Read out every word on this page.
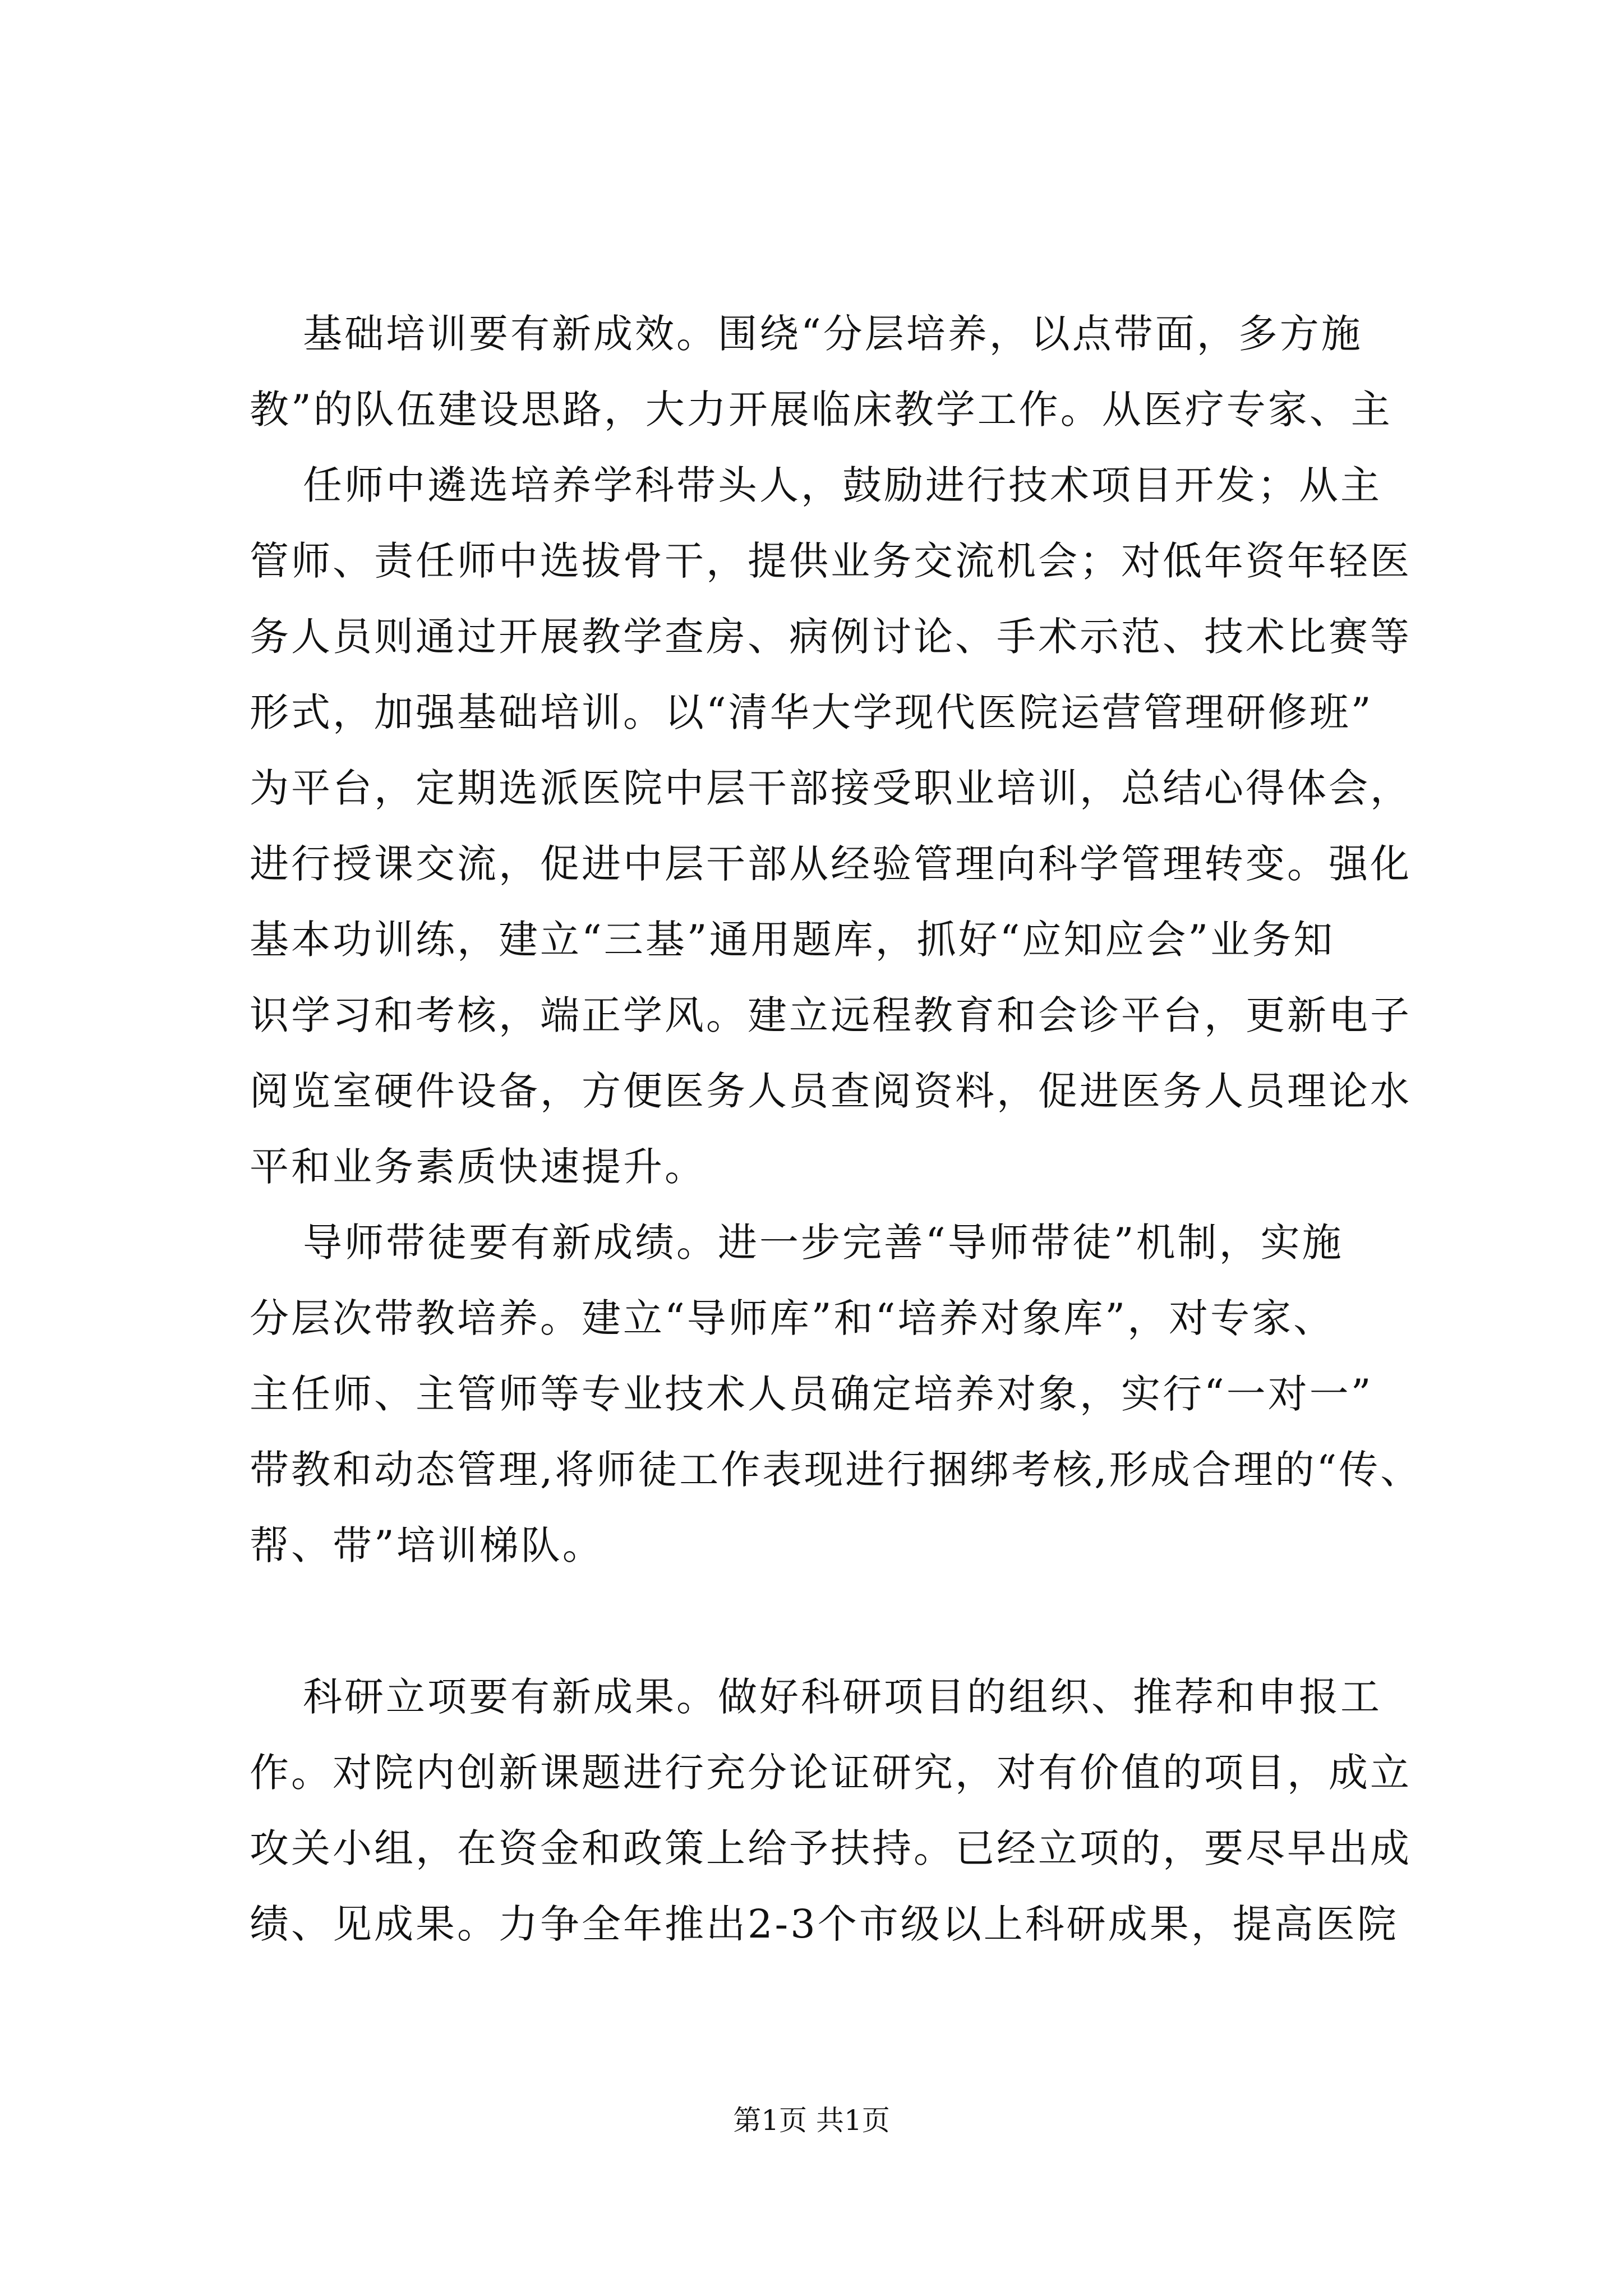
基础培训要有新成效。围绕“分层培养，以点带面，多方施
教”的队伍建设思路，大力开展临床教学工作。从医疗专家、主
任师中遴选培养学科带头人，鼓励进行技术项目开发；从主
管师、责任师中选拔骨干，提供业务交流机会；对低年资年轻医
务人员则通过开展教学查房、病例讨论、手术示范、技术比赛等
形式，加强基础培训。以“清华大学现代医院运营管理研修班”
为平台，定期选派医院中层干部接受职业培训，总结心得体会，
进行授课交流，促进中层干部从经验管理向科学管理转变。强化
基本功训练，建立“三基”通用题库，抓好“应知应会”业务知
识学习和考核，端正学风。建立远程教育和会诊平台，更新电子
阅览室硬件设备，方便医务人员查阅资料，促进医务人员理论水
平和业务素质快速提升。
导师带徒要有新成绩。进一步完善“导师带徒”机制，实施
分层次带教培养。建立“导师库”和“培养对象库”，对专家、
主任师、主管师等专业技术人员确定培养对象，实行“一对一”
带教和动态管理,将师徒工作表现进行捆绑考核,形成合理的“传、
帮、带”培训梯队。
科研立项要有新成果。做好科研项目的组织、推荐和申报工
作。对院内创新课题进行充分论证研究，对有价值的项目，成立
攻关小组，在资金和政策上给予扶持。已经立项的，要尽早出成
绩、见成果。力争全年推出2-3个市级以上科研成果，提高医院
第1页 共1页
